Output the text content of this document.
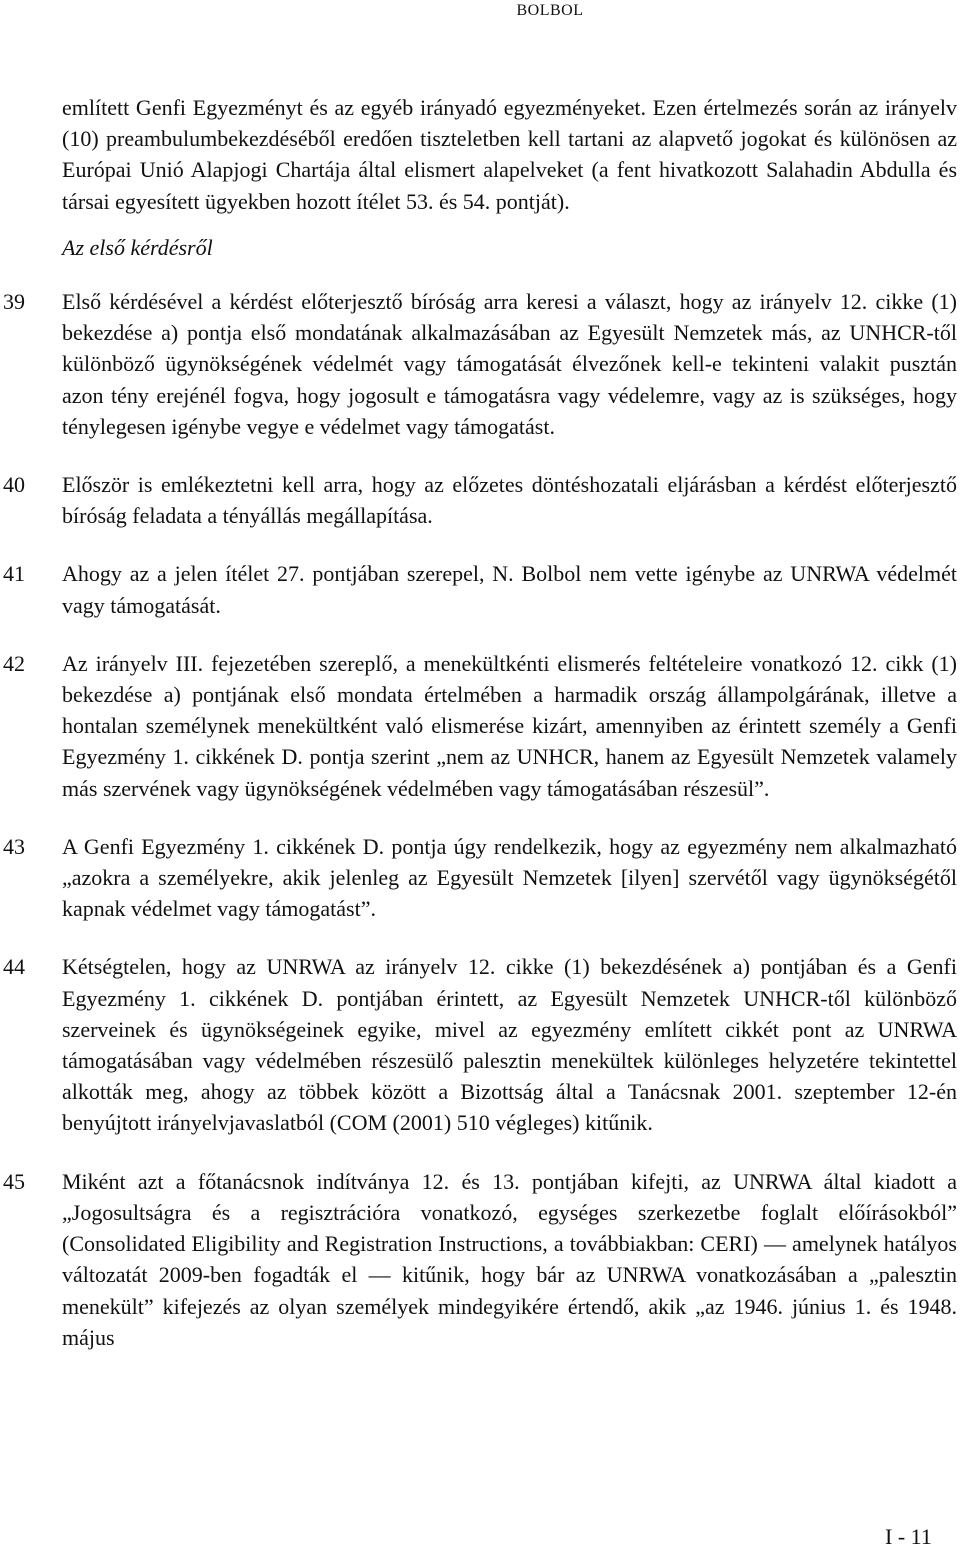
BOLBOL

említett Genfi Egyezményt és az egyéb irányadó egyezményeket. Ezen értelmezés során az irányelv (10) preambulumbekezdéséből eredően tiszteletben kell tartani az alapvető jogokat és különösen az Európai Unió Alapjogi Chartája által elismert alapelveket (a fent hivatkozott Salahadin Abdulla és társai egyesített ügyekben hozott ítélet 53. és 54. pontját).

Az első kérdésről

39 Első kérdésével a kérdést előterjesztő bíróság arra keresi a választ, hogy az irányelv 12. cikke (1) bekezdése a) pontja első mondatának alkalmazásában az Egyesült Nemzetek más, az UNHCR-től különböző ügynökségének védelmét vagy támogatását élvezőnek kell-e tekinteni valakit pusztán azon tény erejénél fogva, hogy jogosult e támogatásra vagy védelemre, vagy az is szükséges, hogy ténylegesen igénybe vegye e védelmet vagy támogatást.
40 Először is emlékeztetni kell arra, hogy az előzetes döntéshozatali eljárásban a kérdést előterjesztő bíróság feladata a tényállás megállapítása.
41 Ahogy az a jelen ítélet 27. pontjában szerepel, N. Bolbol nem vette igénybe az UNRWA védelmét vagy támogatását.
42 Az irányelv III. fejezetében szereplő, a menekültkénti elismerés feltételeire vonatkozó 12. cikk (1) bekezdése a) pontjának első mondata értelmében a harmadik ország állampolgárának, illetve a hontalan személynek menekültként való elismerése kizárt, amennyiben az érintett személy a Genfi Egyezmény 1. cikkének D. pontja szerint „nem az UNHCR, hanem az Egyesült Nemzetek valamely más szervének vagy ügynökségének védelmében vagy támogatásában részesül”.
43 A Genfi Egyezmény 1. cikkének D. pontja úgy rendelkezik, hogy az egyezmény nem alkalmazható „azokra a személyekre, akik jelenleg az Egyesült Nemzetek [ilyen] szervétől vagy ügynökségétől kapnak védelmet vagy támogatást”.
44 Kétségtelen, hogy az UNRWA az irányelv 12. cikke (1) bekezdésének a) pontjában és a Genfi Egyezmény 1. cikkének D. pontjában érintett, az Egyesült Nemzetek UNHCR-től különböző szerveinek és ügynökségeinek egyike, mivel az egyezmény említett cikkét pont az UNRWA támogatásában vagy védelmében részesülő palesztin menekültek különleges helyzetére tekintettel alkották meg, ahogy az többek között a Bizottság által a Tanácsnak 2001. szeptember 12-én benyújtott irányelvjavaslatból (COM (2001) 510 végleges) kitűnik.
45 Miként azt a főtanácsnok indítványa 12. és 13. pontjában kifejti, az UNRWA által kiadott a „Jogosultságra és a regisztrációra vonatkozó, egységes szerkezetbe foglalt előírásokból” (Consolidated Eligibility and Registration Instructions, a továbbiakban: CERI) — amelynek hatályos változatát 2009-ben fogadták el — kitűnik, hogy bár az UNRWA vonatkozásában a „palesztin menekült” kifejezés az olyan személyek mindegyikére értendő, akik „az 1946. június 1. és 1948. május
I - 11
